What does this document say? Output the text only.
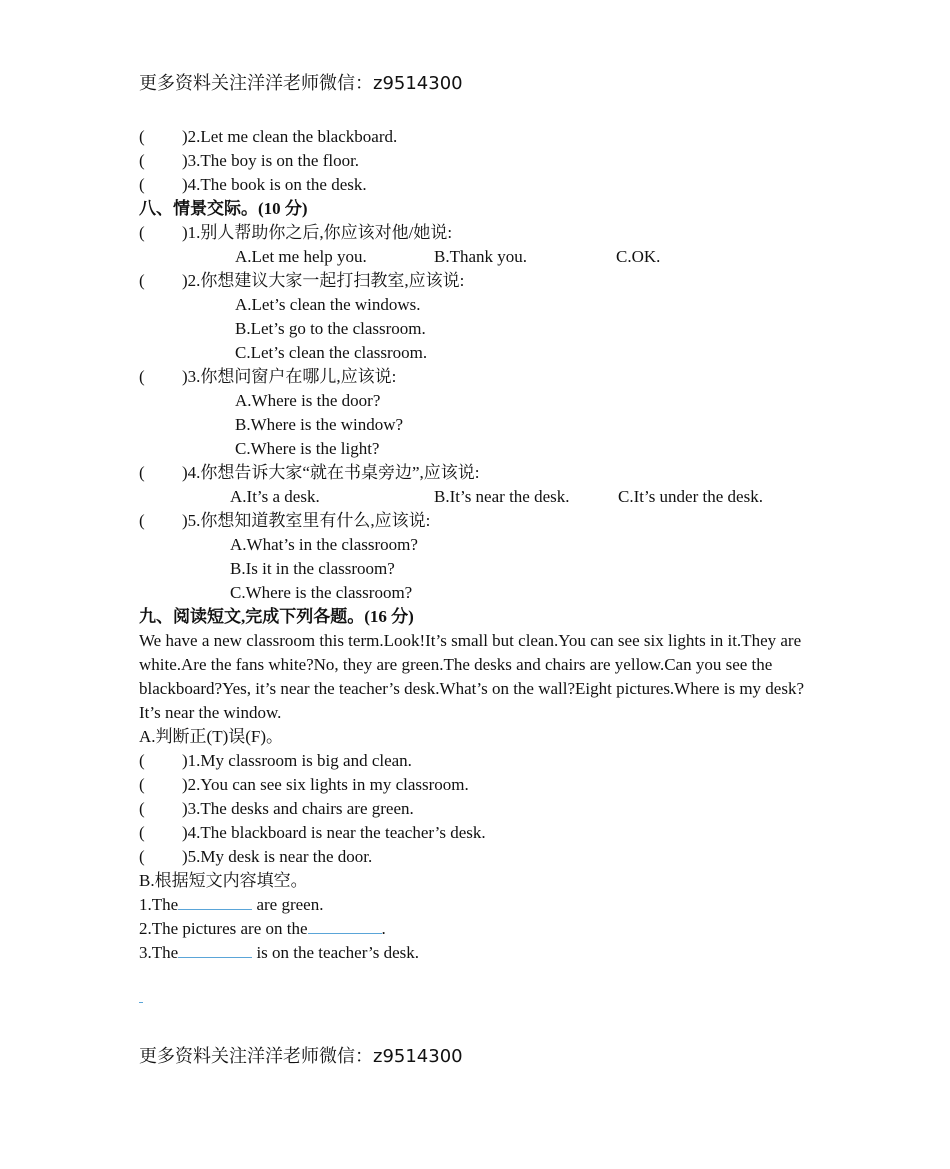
更多资料关注洋洋老师微信：z9514300
( )2.Let me clean the blackboard.
( )3.The boy is on the floor.
( )4.The book is on the desk.
八、情景交际。(10 分)
( )1.别人帮助你之后,你应该对他/她说:
A.Let me help you.	B.Thank you.	C.OK.
( )2.你想建议大家一起打扫教室,应该说:
A.Let’s clean the windows.
B.Let’s go to the classroom.
C.Let’s clean the classroom.
( )3.你想问窗户在哪儿,应该说:
A.Where is the door?
B.Where is the window?
C.Where is the light?
( )4.你想告诉大家“就在书桌旁边”,应该说:
A.It’s a desk.	B.It’s near the desk.	C.It’s under the desk.
( )5.你想知道教室里有什么,应该说:
A.What’s in the classroom?
B.Is it in the classroom?
C.Where is the classroom?
九、阅读短文,完成下列各题。(16 分)
We have a new classroom this term.Look!It’s small but clean.You can see six lights in it.They are white.Are the fans white?No, they are green.The desks and chairs are yellow.Can you see the blackboard?Yes, it’s near the teacher’s desk.What’s on the wall?Eight pictures.Where is my desk?It’s near the window.
A.判断正(T)误(F)。
( )1.My classroom is big and clean.
( )2.You can see six lights in my classroom.
( )3.The desks and chairs are green.
( )4.The blackboard is near the teacher’s desk.
( )5.My desk is near the door.
B.根据短文内容填空。
1.The	are green.
2.The pictures are on the	.
3.The	is on the teacher’s desk.
更多资料关注洋洋老师微信：z9514300
